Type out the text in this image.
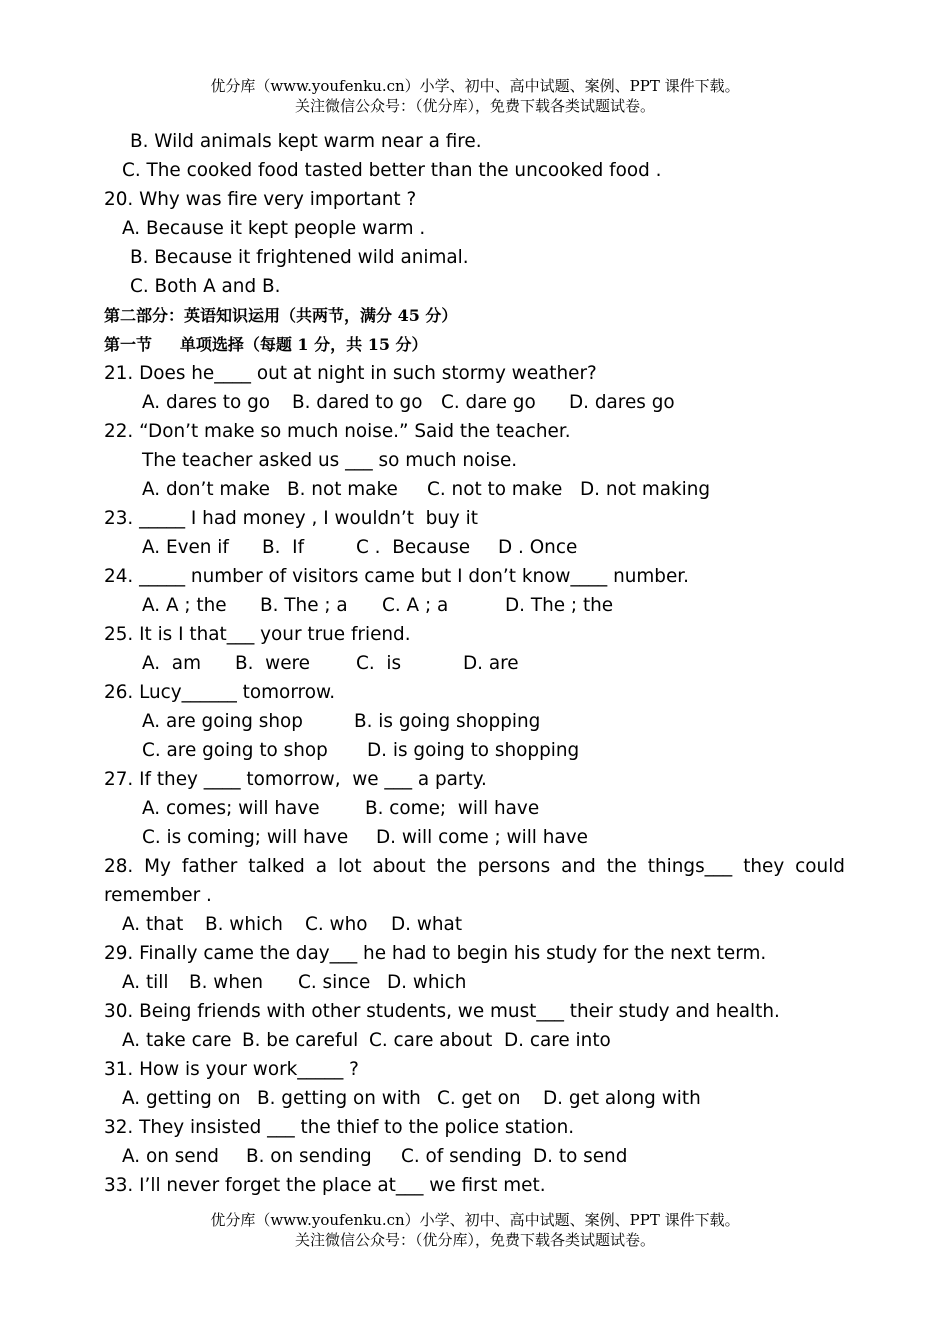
优分库（www.youfenku.cn）小学、初中、高中试题、案例、PPT 课件下载。
关注微信公众号：（优分库），免费下载各类试题试卷。
B. Wild animals kept warm near a fire.
C. The cooked food tasted better than the uncooked food .
20. Why was fire very important ?
A. Because it kept people warm .
B. Because it frightened wild animal.
C. Both A and B.
第二部分：英语知识运用（共两节，满分 45 分）
第一节     单项选择（每题 1 分，共 15 分）
21. Does he____ out at night in such stormy weather?
A. dares to go B. dared to go C. dare go D. dares go
22. “Don’t make so much noise.” Said the teacher.
The teacher asked us ___ so much noise.
A. don’t make B. not make C. not to make D. not making
23. _____ I had money , I wouldn’t  buy it
A. Even if B.  If	C .  Because D . Once
24. _____ number of visitors came but I don’t know____ number.
A. A ; the B. The ; a C. A ; a	D. The ; the
25. It is I that___ your true friend.
A.  am B.  were	C.  is	D. are
26. Lucy______ tomorrow.
A. are going shop	B. is going shopping
C. are going to shop D. is going to shopping
27. If they ____ tomorrow,  we ___ a party.
A. comes; will have B. come;  will have
C. is coming; will have D. will come ; will have
28. My father talked a lot about the persons and the things___ they could
remember .
A. that B. which C. who D. what
29. Finally came the day___ he had to begin his study for the next term.
A. till B. when C. since D. which
30. Being friends with other students, we must___ their study and health.
A. take care B. be careful C. care about D. care into
31. How is your work_____ ?
A. getting on B. getting on with C. get on D. get along with
32. They insisted ___ the thief to the police station.
A. on send B. on sending C. of sending D. to send
33. I’ll never forget the place at___ we first met.
优分库（www.youfenku.cn）小学、初中、高中试题、案例、PPT 课件下载。
关注微信公众号：（优分库），免费下载各类试题试卷。
